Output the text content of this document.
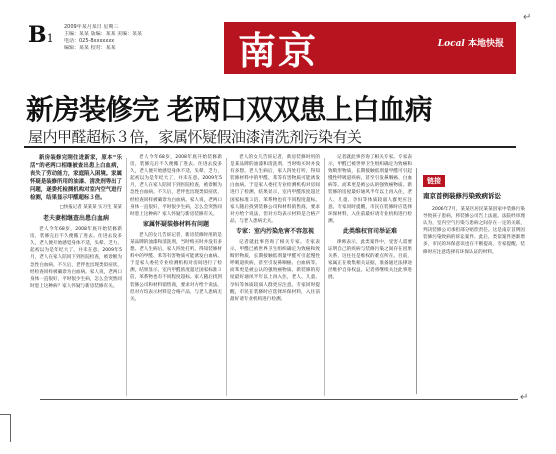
B1
2009年某月某日 星期三
主编：某某 版编：某某 美编：某某
电话：025-8xxxxxxx
编辑：某某 校对：某某	南京	Local 本地快报
新房装修完 老两口双双患上白血病
屋内甲醛超标３倍，家属怀疑假油漆清洗剂污染有关

新房装修完刚住进新家，原本“乐活”的老两口相继被查出患上白血病，丧失了劳动能力，家庭陷入困境。家属怀疑是装修所用的油漆、清洗剂等出了问题，遂委托检测机构对室内空气进行检测，结果显示甲醛超标３倍。

□快报记者 某某某 实习生 某某
老夫妻相继查出患白血病

老人今年68岁，2008年底开始装修新房，装修完后不久便搬了进去。住进去没多久，老人便开始感觉身体不适，头晕、乏力，起初以为是年纪大了，并未在意。2009年5月，老人在家人陪同下到医院检查，被诊断为急性白血病。不久后，老伴也出现类似症状，经检查同样被确诊为白血病。家人说，老两口身体一直很好，平时很少生病，怎么会突然同时患上这种病？家人怀疑与新房装修有关。

老人今年68岁，2008年底开始装修新房，装修完后不久便搬了进去。住进去没多久，老人便开始感觉身体不适，头晕、乏力，起初以为是年纪大了，并未在意。2009年5月，老人在家人陪同下到医院检查，被诊断为急性白血病。不久后，老伴也出现类似症状，经检查同样被确诊为白血病。家人说，老两口身体一直很好，平时很少生病，怎么会突然同时患上这种病？家人怀疑与新房装修有关。

家属怀疑装修材料有问题

老人的女儿告诉记者，新房装修时用的是某品牌的油漆和清洗剂，当时购买时并没有多想。老人生病后，家人四处打听，得知装修材料中的甲醛、苯等有害物质可能诱发白血病。于是家人委托专业检测机构对房间进行了检测，结果显示，室内甲醛浓度超过国家标准３倍，苯系物也有不同程度超标。家人随后找到装修公司和材料销售商，要求对方给个说法，但对方均表示材料是合格产品，与老人患病无关。

老人的女儿告诉记者，新房装修时用的是某品牌的油漆和清洗剂，当时购买时并没有多想。老人生病后，家人四处打听，得知装修材料中的甲醛、苯等有害物质可能诱发白血病。于是家人委托专业检测机构对房间进行了检测，结果显示，室内甲醛浓度超过国家标准３倍，苯系物也有不同程度超标。家人随后找到装修公司和材料销售商，要求对方给个说法，但对方均表示材料是合格产品，与老人患病无关。

专家：室内污染危害不容忽视

记者就此事咨询了相关专家。专家表示，甲醛已被世界卫生组织确定为致癌和致畸形物质，长期接触低剂量甲醛可引起慢性呼吸道疾病，甚至引发鼻咽癌、白血病等。而苯更是被公认的强致癌物质。新装修的房屋最好通风半年以上再入住，老人、儿童、孕妇等体质较弱人群更应注意。专家同时提醒，市民在装修时应选择环保材料，入住前最好请专业机构进行检测。

记者就此事咨询了相关专家。专家表示，甲醛已被世界卫生组织确定为致癌和致畸形物质，长期接触低剂量甲醛可引起慢性呼吸道疾病，甚至引发鼻咽癌、白血病等。而苯更是被公认的强致癌物质。新装修的房屋最好通风半年以上再入住，老人、儿童、孕妇等体质较弱人群更应注意。专家同时提醒，市民在装修时应选择环保材料，入住前最好请专业机构进行检测。

此类维权官司举证难

律师表示，此类案件中，受害人需要证明自己的疾病与装修污染之间存在因果关系，这往往是维权的难点所在。目前，家属正在收集相关证据，准备通过法律途径维护自身权益。记者将继续关注此事进展。

链接
南京首例装修污染致病诉讼

2006年7月，某某区居民某某因家中装修污染导致孩子患病，将装修公司告上法庭。法院经审理认为，室内空气污染与患病之间存在一定的关联，判决装修公司承担部分赔偿责任。这是南京首例因装修污染致病的诉讼案件。此后，类似案件逐渐增多，市民的环保意识也在不断提高。专家提醒，装修时应注意选择有环保认证的材料。

↵
↵
